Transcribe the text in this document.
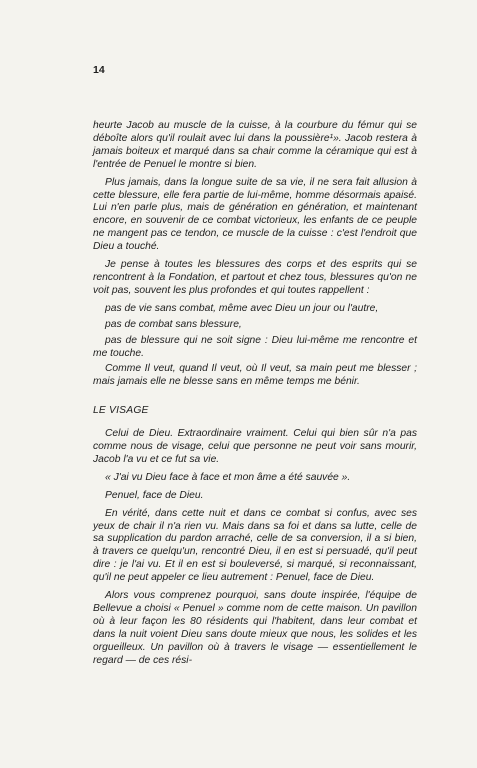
14

heurte Jacob au muscle de la cuisse, à la courbure du fémur qui se déboîte alors qu'il roulait avec lui dans la poussière¹». Jacob restera à jamais boiteux et marqué dans sa chair comme la céramique qui est à l'entrée de Penuel le montre si bien.

Plus jamais, dans la longue suite de sa vie, il ne sera fait allusion à cette blessure, elle fera partie de lui-même, homme désormais apaisé. Lui n'en parle plus, mais de génération en génération, et maintenant encore, en souvenir de ce combat victorieux, les enfants de ce peuple ne mangent pas ce tendon, ce muscle de la cuisse : c'est l'endroit que Dieu a touché.

Je pense à toutes les blessures des corps et des esprits qui se rencontrent à la Fondation, et partout et chez tous, blessures qu'on ne voit pas, souvent les plus profondes et qui toutes rappellent :

pas de vie sans combat, même avec Dieu un jour ou l'autre,

pas de combat sans blessure,

pas de blessure qui ne soit signe : Dieu lui-même me rencontre et me touche.

Comme Il veut, quand Il veut, où Il veut, sa main peut me blesser ; mais jamais elle ne blesse sans en même temps me bénir.

LE VISAGE

Celui de Dieu. Extraordinaire vraiment. Celui qui bien sûr n'a pas comme nous de visage, celui que personne ne peut voir sans mourir, Jacob l'a vu et ce fut sa vie.

« J'ai vu Dieu face à face et mon âme a été sauvée ».

Penuel, face de Dieu.

En vérité, dans cette nuit et dans ce combat si confus, avec ses yeux de chair il n'a rien vu. Mais dans sa foi et dans sa lutte, celle de sa supplication du pardon arraché, celle de sa conversion, il a si bien, à travers ce quelqu'un, rencontré Dieu, il en est si persuadé, qu'il peut dire : je l'ai vu. Et il en est si bouleversé, si marqué, si reconnaissant, qu'il ne peut appeler ce lieu autrement : Penuel, face de Dieu.

Alors vous comprenez pourquoi, sans doute inspirée, l'équipe de Bellevue a choisi « Penuel » comme nom de cette maison. Un pavillon où à leur façon les 80 résidents qui l'habitent, dans leur combat et dans la nuit voient Dieu sans doute mieux que nous, les solides et les orgueilleux. Un pavillon où à travers le visage — essentiellement le regard — de ces rési-
